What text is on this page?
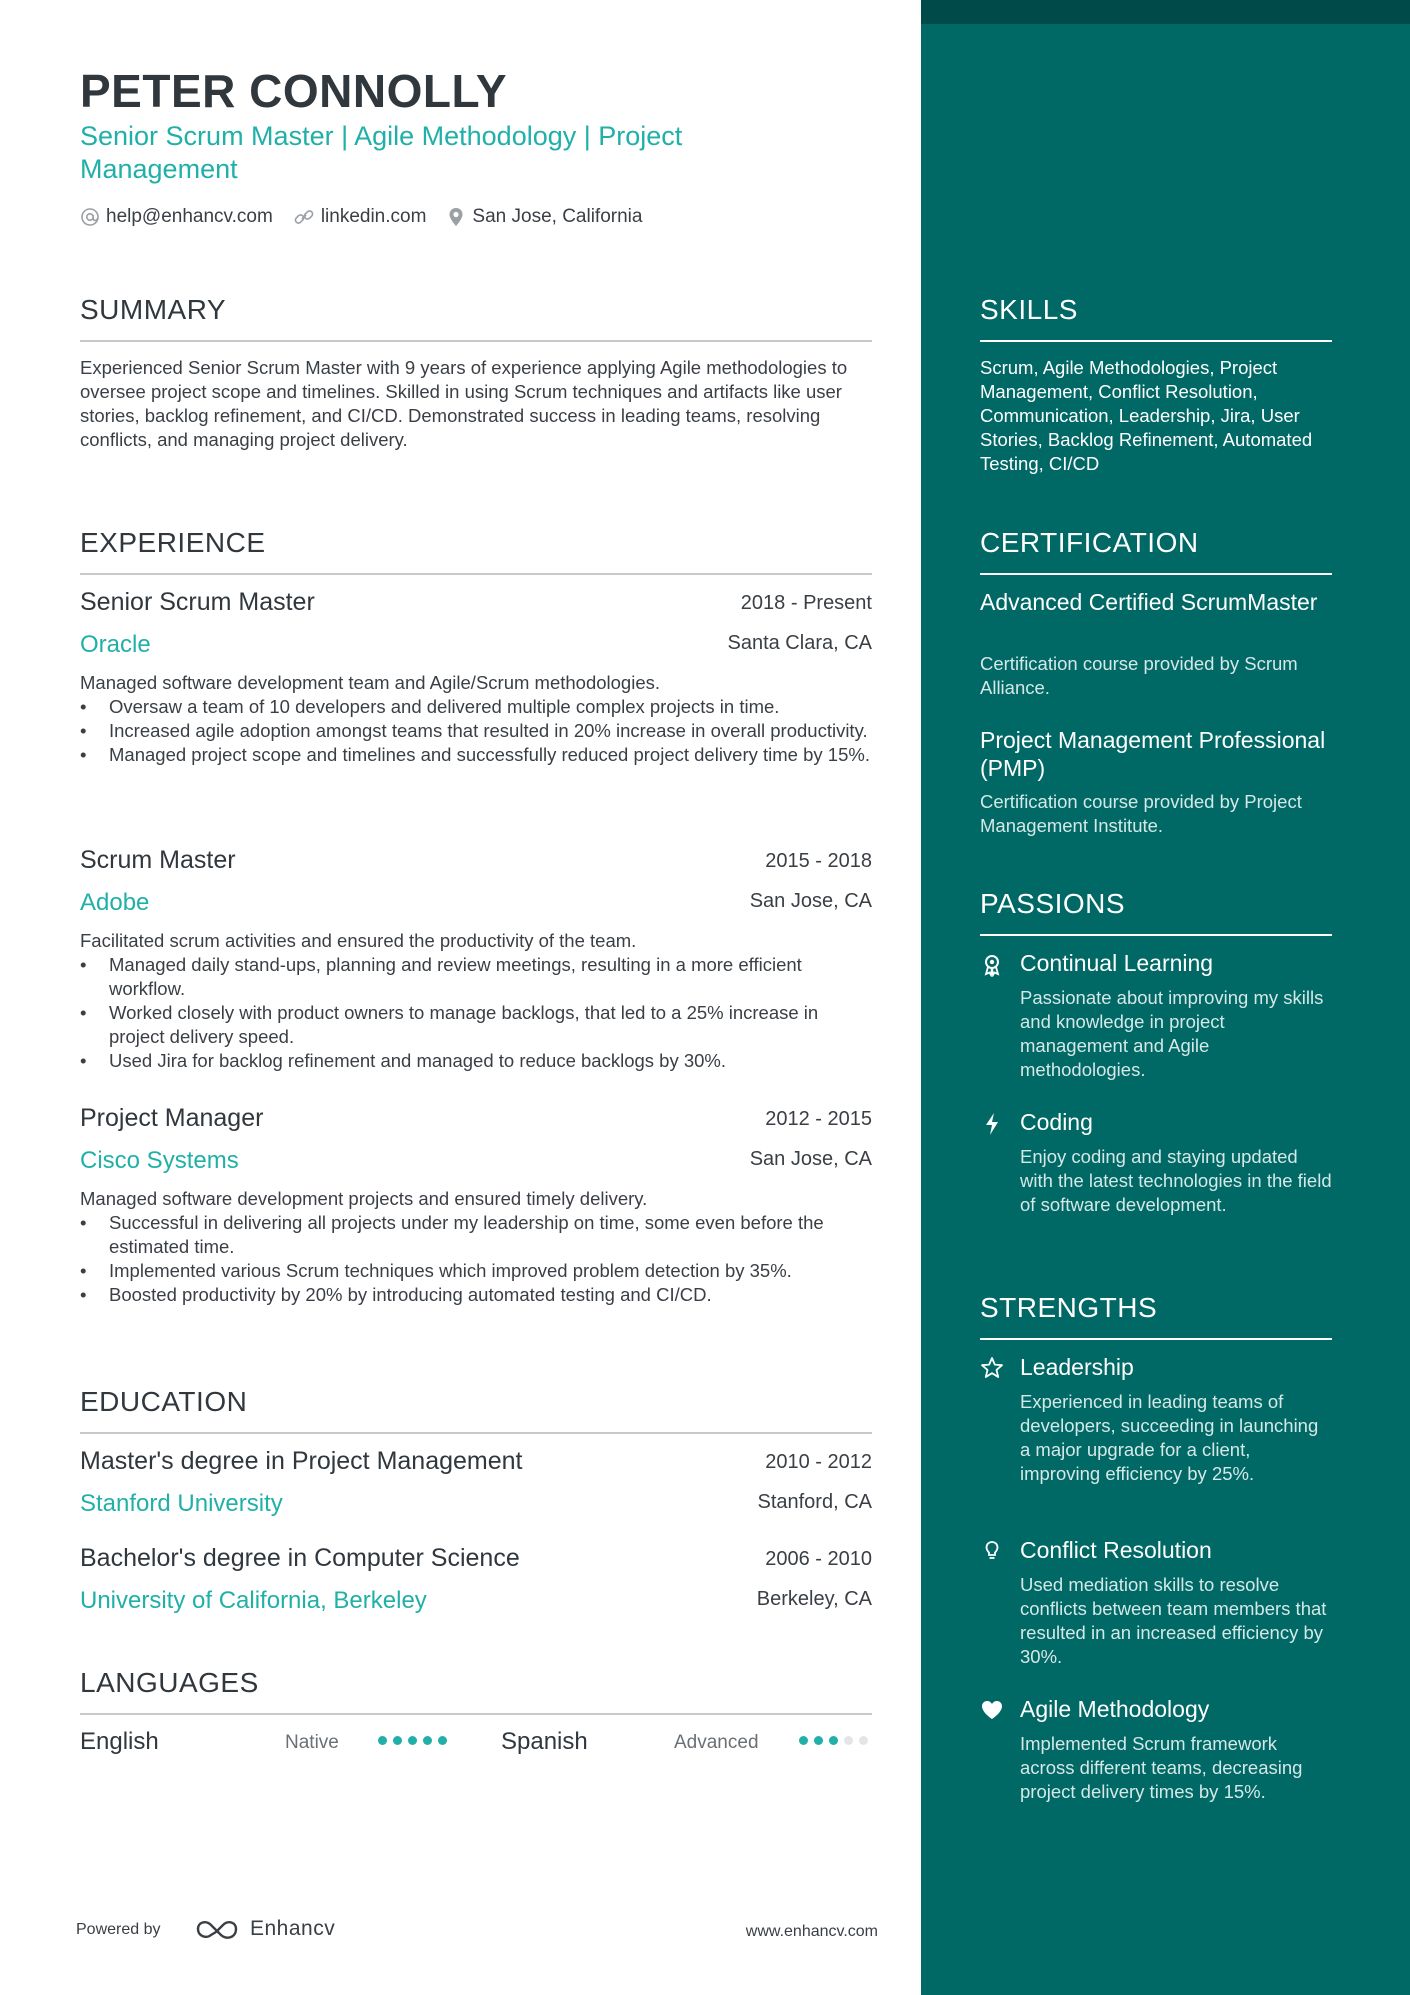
PETER CONNOLLY
Senior Scrum Master | Agile Methodology | Project Management
help@enhancv.com	linkedin.com San Jose, California
SUMMARY
Experienced Senior Scrum Master with 9 years of experience applying Agile methodologies to oversee project scope and timelines. Skilled in using Scrum techniques and artifacts like user stories, backlog refinement, and CI/CD. Demonstrated success in leading teams, resolving conflicts, and managing project delivery.
EXPERIENCE
Senior Scrum Master	2018 - Present
Oracle	Santa Clara, CA
Managed software development team and Agile/Scrum methodologies.
• Oversaw a team of 10 developers and delivered multiple complex projects in time.
• Increased agile adoption amongst teams that resulted in 20% increase in overall productivity.
• Managed project scope and timelines and successfully reduced project delivery time by 15%.
Scrum Master	2015 - 2018
Adobe	San Jose, CA
Facilitated scrum activities and ensured the productivity of the team.
• Managed daily stand-ups, planning and review meetings, resulting in a more efficient workflow.
• Worked closely with product owners to manage backlogs, that led to a 25% increase in project delivery speed.
• Used Jira for backlog refinement and managed to reduce backlogs by 30%.
Project Manager	2012 - 2015
Cisco Systems	San Jose, CA
Managed software development projects and ensured timely delivery.
• Successful in delivering all projects under my leadership on time, some even before the estimated time.
• Implemented various Scrum techniques which improved problem detection by 35%.
• Boosted productivity by 20% by introducing automated testing and CI/CD.
EDUCATION
Master's degree in Project Management	2010 - 2012
Stanford University	Stanford, CA
Bachelor's degree in Computer Science	2006 - 2010
University of California, Berkeley	Berkeley, CA
LANGUAGES
English	Native	Spanish	Advanced
Powered by	Enhancv	www.enhancv.com
SKILLS
Scrum, Agile Methodologies, Project Management, Conflict Resolution, Communication, Leadership, Jira, User Stories, Backlog Refinement, Automated Testing, CI/CD
CERTIFICATION
Advanced Certified ScrumMaster
Certification course provided by Scrum Alliance.
Project Management Professional (PMP)
Certification course provided by Project Management Institute.
PASSIONS
Continual Learning
Passionate about improving my skills and knowledge in project management and Agile methodologies.
Coding
Enjoy coding and staying updated with the latest technologies in the field of software development.
STRENGTHS
Leadership
Experienced in leading teams of developers, succeeding in launching a major upgrade for a client, improving efficiency by 25%.
Conflict Resolution
Used mediation skills to resolve conflicts between team members that resulted in an increased efficiency by 30%.
Agile Methodology
Implemented Scrum framework across different teams, decreasing project delivery times by 15%.
